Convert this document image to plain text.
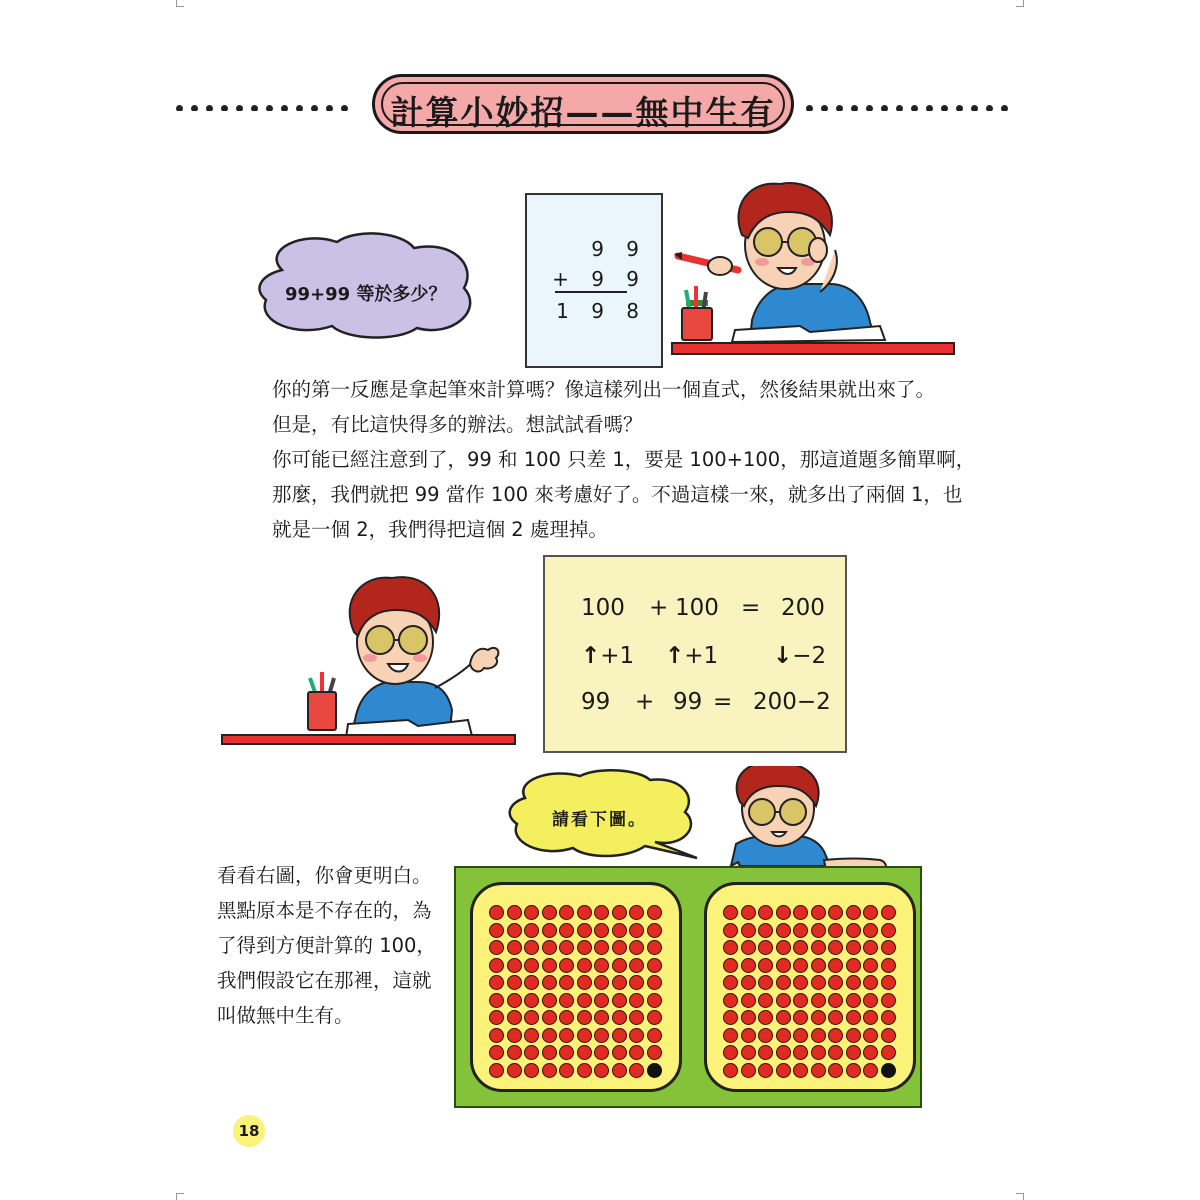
計算小妙招——無中生有
99+99 等於多少？
9 9
+ 9 9
1 9 8

你的第一反應是拿起筆來計算嗎？像這樣列出一個直式，然後結果就出來了。

但是，有比這快得多的辦法。想試試看嗎？

你可能已經注意到了，99 和 100 只差 1，要是 100+100，那這道題多簡單啊，

那麼，我們就把 99 當作 100 來考慮好了。不過這樣一來，就多出了兩個 1，也

就是一個 2，我們得把這個 2 處理掉。

100 + 100 = 200
↑+1 ↑+1 ↓−2
99 + 99 = 200−2
請看下圖。

看看右圖，你會更明白。

黑點原本是不存在的，為

了得到方便計算的 100，

我們假設它在那裡，這就

叫做無中生有。

18
